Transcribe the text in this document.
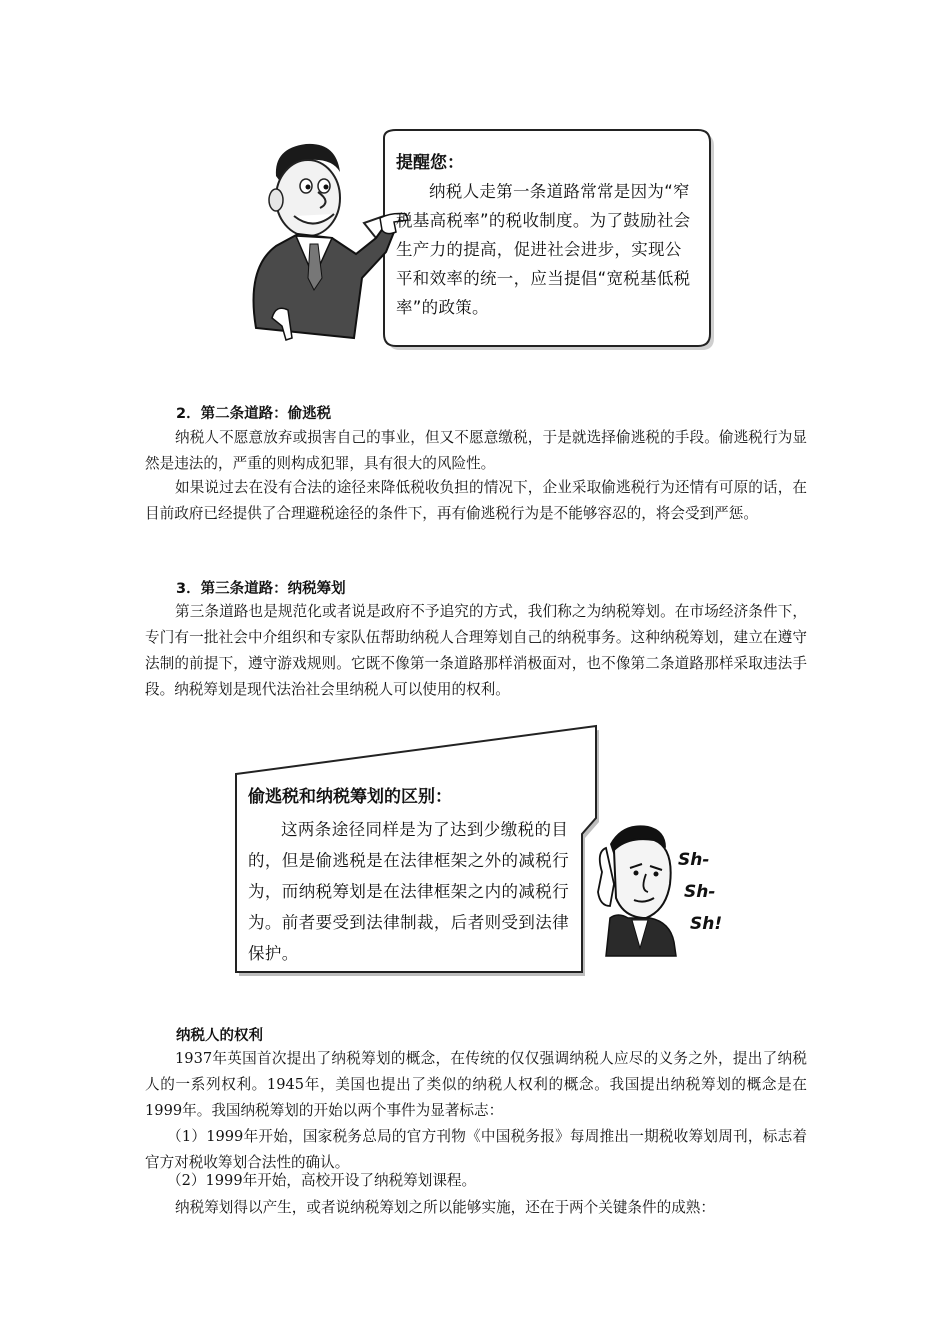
提醒您：
纳税人走第一条道路常常是因为“窄税基高税率”的税收制度。为了鼓励社会生产力的提高，促进社会进步，实现公平和效率的统一，应当提倡“宽税基低税率”的政策。

2．第二条道路：偷逃税

纳税人不愿意放弃或损害自己的事业，但又不愿意缴税，于是就选择偷逃税的手段。偷逃税行为显然是违法的，严重的则构成犯罪，具有很大的风险性。

如果说过去在没有合法的途径来降低税收负担的情况下，企业采取偷逃税行为还情有可原的话，在目前政府已经提供了合理避税途径的条件下，再有偷逃税行为是不能够容忍的，将会受到严惩。

3．第三条道路：纳税筹划

第三条道路也是规范化或者说是政府不予追究的方式，我们称之为纳税筹划。在市场经济条件下，专门有一批社会中介组织和专家队伍帮助纳税人合理筹划自己的纳税事务。这种纳税筹划，建立在遵守法制的前提下，遵守游戏规则。它既不像第一条道路那样消极面对，也不像第二条道路那样采取违法手段。纳税筹划是现代法治社会里纳税人可以使用的权利。

偷逃税和纳税筹划的区别：
这两条途径同样是为了达到少缴税的目的，但是偷逃税是在法律框架之外的减税行为，而纳税筹划是在法律框架之内的减税行为。前者要受到法律制裁，后者则受到法律保护。
Sh-
Sh-
Sh!

纳税人的权利

1937年英国首次提出了纳税筹划的概念，在传统的仅仅强调纳税人应尽的义务之外，提出了纳税人的一系列权利。1945年，美国也提出了类似的纳税人权利的概念。我国提出纳税筹划的概念是在1999年。我国纳税筹划的开始以两个事件为显著标志：

（1）1999年开始，国家税务总局的官方刊物《中国税务报》每周推出一期税收筹划周刊，标志着官方对税收筹划合法性的确认。

（2）1999年开始，高校开设了纳税筹划课程。

纳税筹划得以产生，或者说纳税筹划之所以能够实施，还在于两个关键条件的成熟：
